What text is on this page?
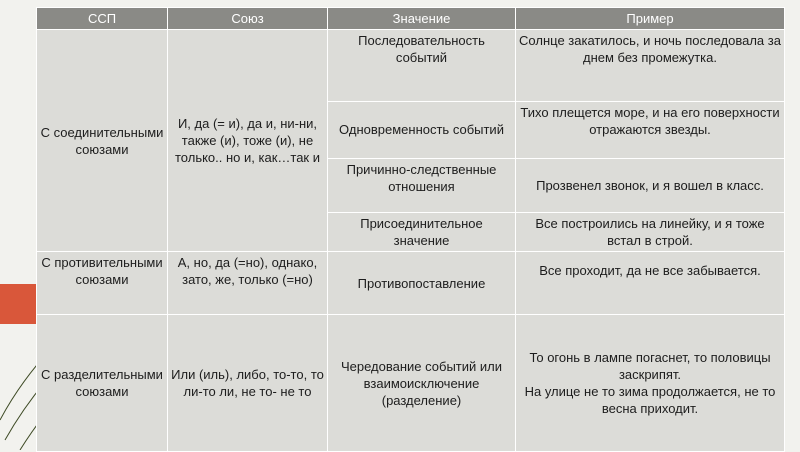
ССП	Союз	Значение	Пример
С соединительными союзами	И, да (= и), да и, ни-ни, также (и), тоже (и), не только.. но и, как…так и	Последовательность событий	Солнце закатилось, и ночь последовала за днем без промежутка.
		Одновременность событий	Тихо плещется море, и на его поверхности отражаются звезды.
		Причинно-следственные отношения	Прозвенел звонок, и я вошел в класс.
		Присоединительное значение	Все построились на линейку, и я тоже встал в строй.
С противительными союзами	А, но, да (=но), однако, зато, же, только (=но)	Противопоставление	Все проходит, да не все забывается.
С разделительными союзами	Или (иль), либо, то-то, то ли-то ли, не то- не то	Чередование событий или взаимоисключение (разделение)	То огонь в лампе погаснет, то половицы заскрипят.
На улице не то зима продолжается, не то весна приходит.
